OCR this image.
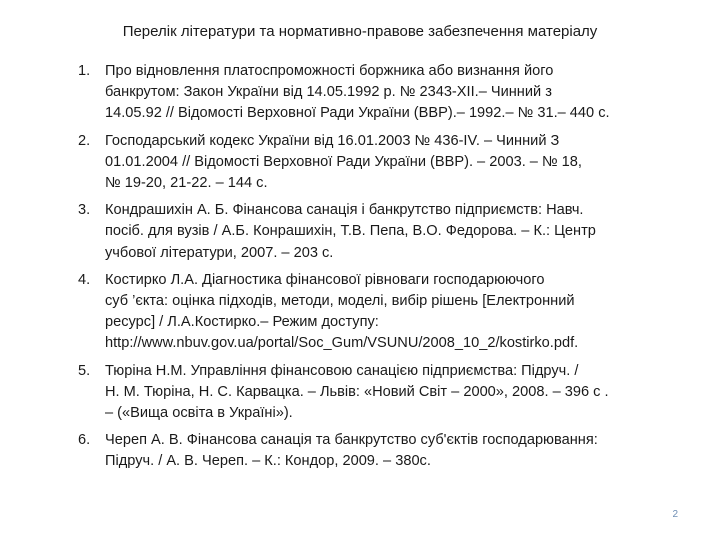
Перелік літератури та нормативно-правове забезпечення матеріалу
1.	Про відновлення платоспроможності боржника або визнання його
банкрутом: Закон України від 14.05.1992 р. № 2343-XII.– Чинний з
14.05.92 // Відомості Верховної Ради України (ВВР).– 1992.– № 31.– 440 с.
2.	Господарський кодекс України від 16.01.2003 № 436-IV. – Чинний З
01.01.2004 // Відомості Верховної Ради України (ВВР). – 2003. – № 18,
№ 19-20, 21-22. – 144 с.
3.	Кондрашихін А. Б. Фінансова санація і банкрутство підприємств: Навч.
посіб. для вузів / А.Б. Конрашихін, Т.В. Пепа, В.О. Федорова. – К.: Центр
учбової літератури, 2007. – 203 с.
4.	Костирко Л.А. Діагностика фінансової рівноваги господарюючого
суб ’єкта: оцінка підходів, методи, моделі, вибір рішень [Електронний
ресурс] / Л.А.Костирко.– Режим доступу:
http://www.nbuv.gov.ua/portal/Soc_Gum/VSUNU/2008_10_2/kostirko.pdf.
5.	Тюріна Н.М. Управління фінансовою санацією підприємства: Підруч. /
Н. М. Тюріна, Н. С. Карвацка. – Львів: «Новий Світ – 2000», 2008. – 396 с .
– («Вища освіта в Україні»).
6.	Череп А. В. Фінансова санація та банкрутство суб'єктів господарювання:
Підруч. / А. В. Череп. – К.: Кондор, 2009. – 380с.
2
